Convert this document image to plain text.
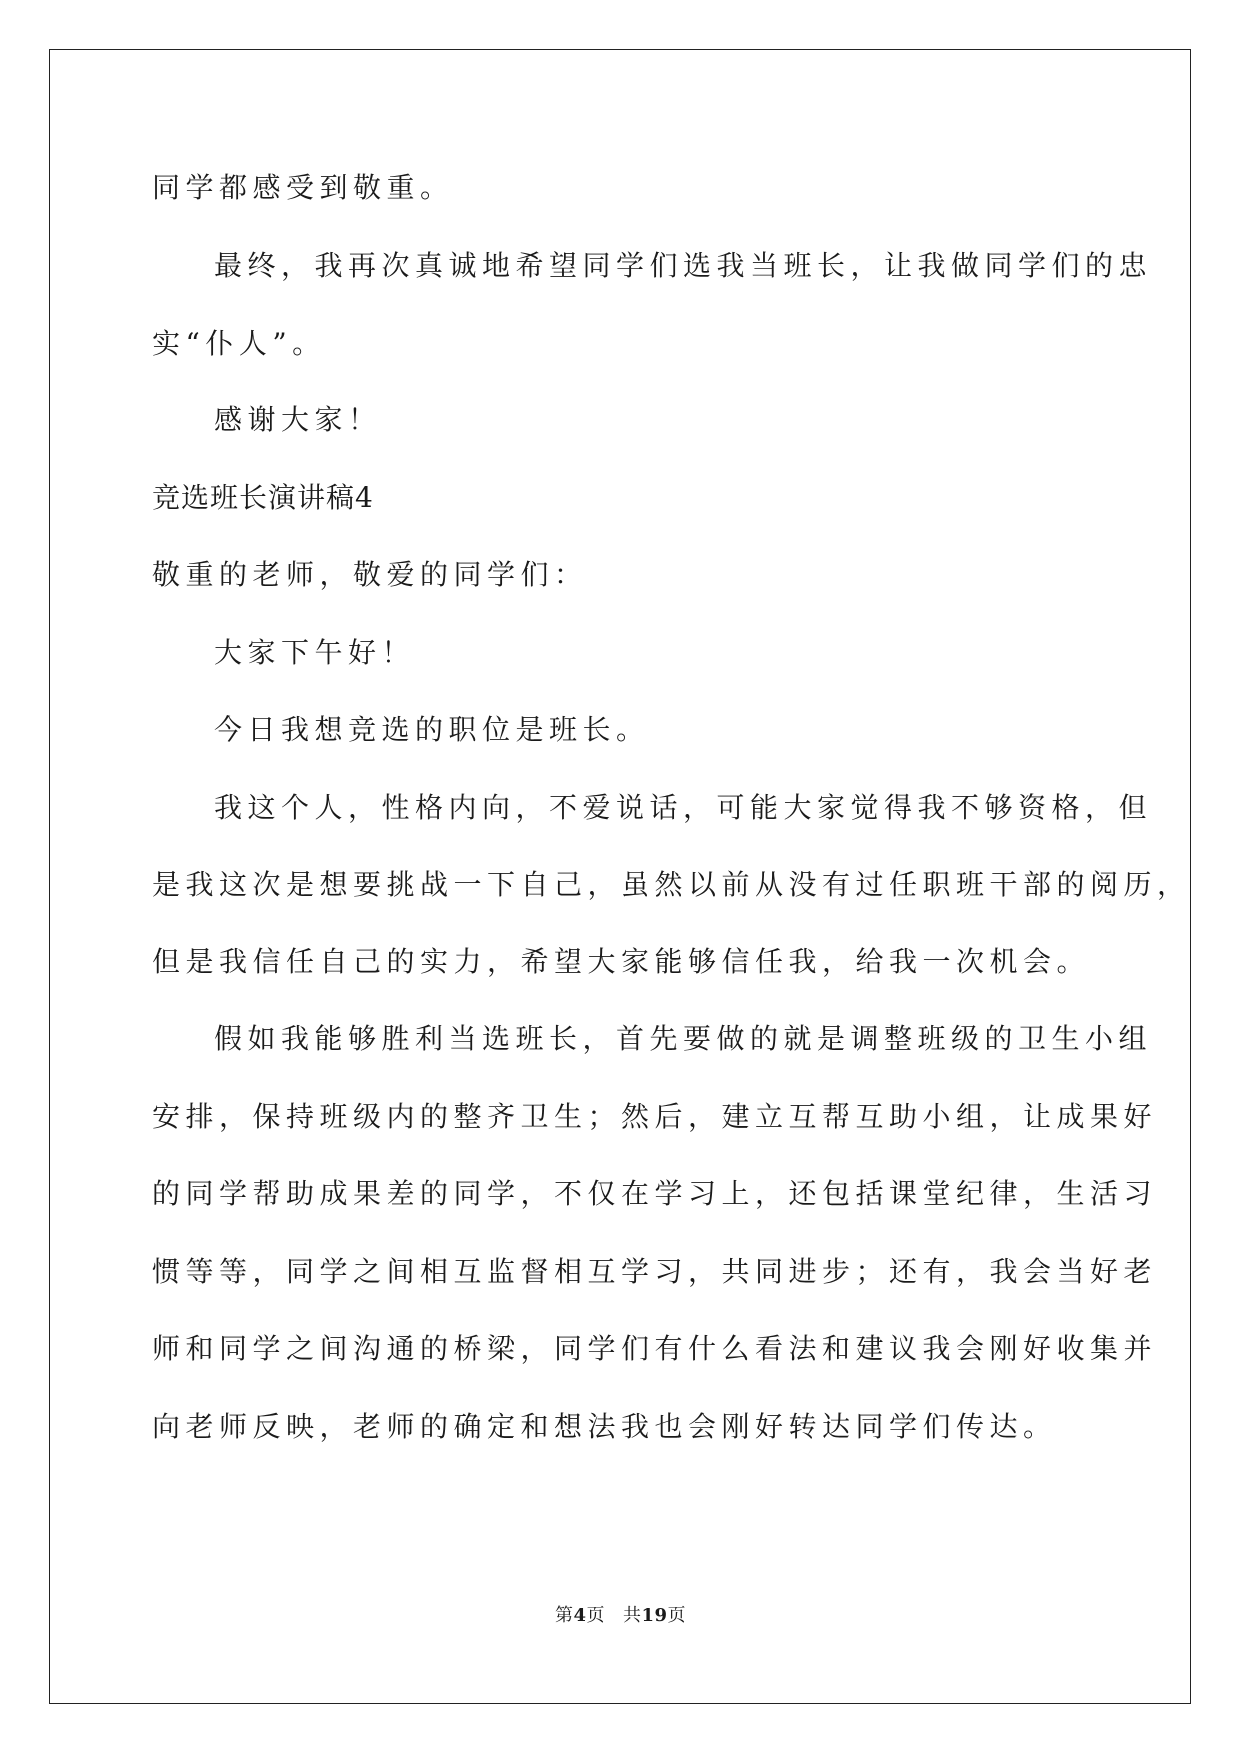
同学都感受到敬重。
最终，我再次真诚地希望同学们选我当班长，让我做同学们的忠
实“仆人”。
感谢大家！
竞选班长演讲稿4
敬重的老师，敬爱的同学们：
大家下午好！
今日我想竞选的职位是班长。
我这个人，性格内向，不爱说话，可能大家觉得我不够资格，但
是我这次是想要挑战一下自己，虽然以前从没有过任职班干部的阅历，
但是我信任自己的实力，希望大家能够信任我，给我一次机会。
假如我能够胜利当选班长，首先要做的就是调整班级的卫生小组
安排，保持班级内的整齐卫生；然后，建立互帮互助小组，让成果好
的同学帮助成果差的同学，不仅在学习上，还包括课堂纪律，生活习
惯等等，同学之间相互监督相互学习，共同进步；还有，我会当好老
师和同学之间沟通的桥梁，同学们有什么看法和建议我会刚好收集并
向老师反映，老师的确定和想法我也会刚好转达同学们传达。
第4页 共19页
